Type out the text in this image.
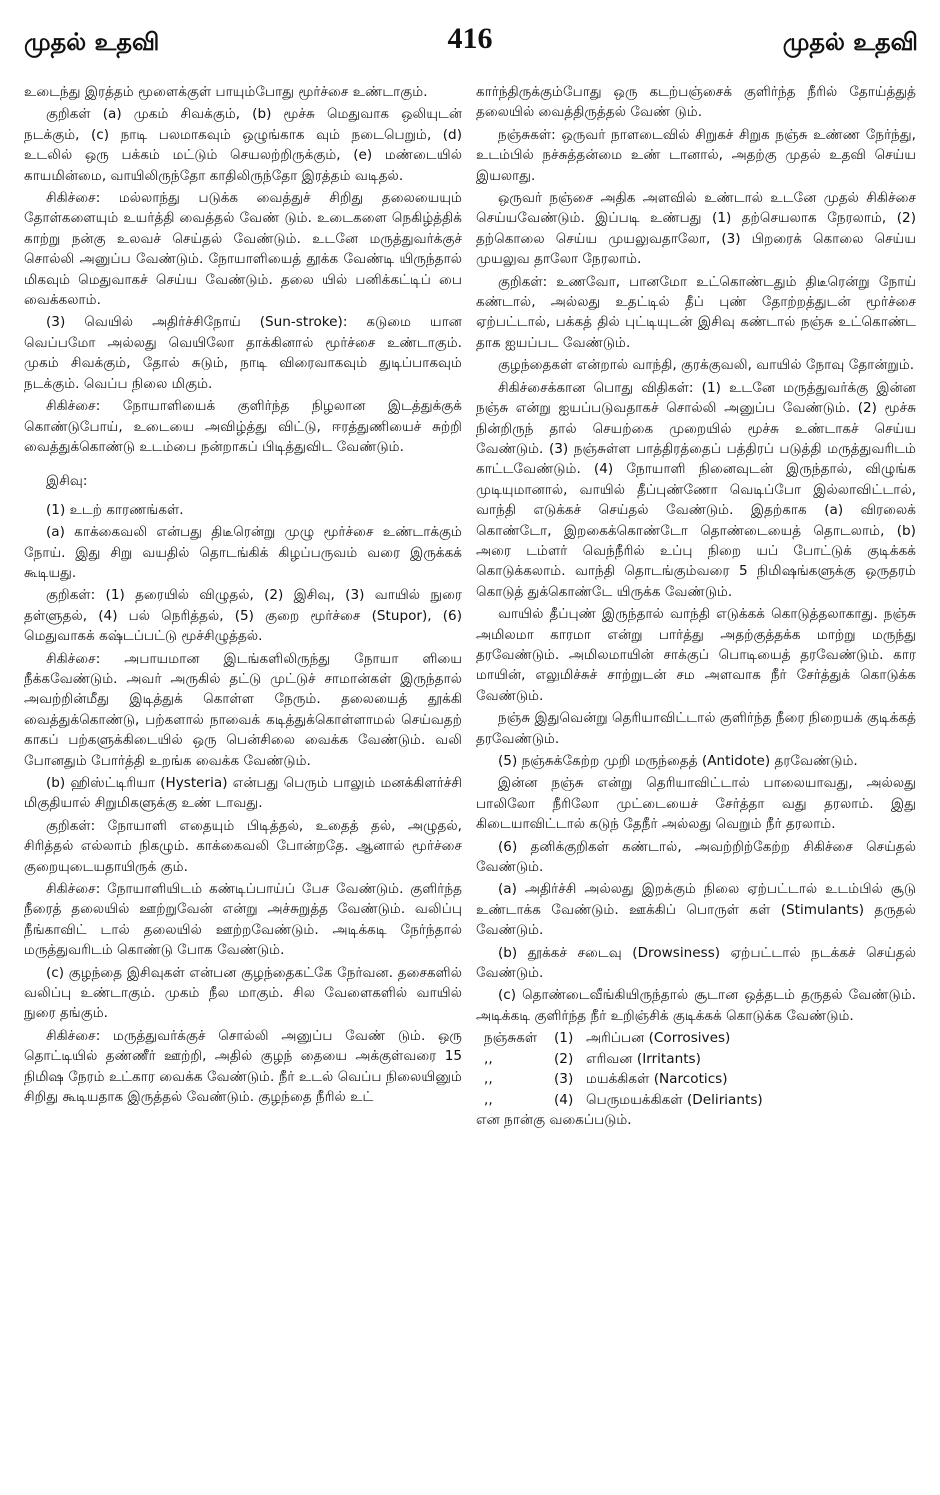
முதல் உதவி	416	முதல் உதவி

உடைந்து இரத்தம் மூளைக்குள் பாயும்போது மூர்ச்சை உண்டாகும்.

குறிகள் (a) முகம் சிவக்கும், (b) மூச்சு மெதுவாக ஒலியுடன் நடக்கும், (c) நாடி பலமாகவும் ஒழுங்காக வும் நடைபெறும், (d) உடலில் ஒரு பக்கம் மட்டும் செயலற்றிருக்கும், (e) மண்டையில் காயமின்மை, வாயிலிருந்தோ காதிலிருந்தோ இரத்தம் வடிதல்.

சிகிச்சை: மல்லாந்து படுக்க வைத்துச் சிறிது தலையையும் தோள்களையும் உயர்த்தி வைத்தல் வேண் டும். உடைகளை நெகிழ்த்திக் காற்று நன்கு உலவச் செய்தல் வேண்டும். உடனே மருத்துவர்க்குச் சொல்லி அனுப்ப வேண்டும். நோயாளியைத் தூக்க வேண்டி யிருந்தால் மிகவும் மெதுவாகச் செய்ய வேண்டும். தலை யில் பனிக்கட்டிப் பை வைக்கலாம்.

(3) வெயில் அதிர்ச்சிநோய் (Sun-stroke): கடுமை யான வெப்பமோ அல்லது வெயிலோ தாக்கினால் மூர்ச்சை உண்டாகும். முகம் சிவக்கும், தோல் சுடும், நாடி விரைவாகவும் துடிப்பாகவும் நடக்கும். வெப்ப நிலை மிகும்.

சிகிச்சை: நோயாளியைக் குளிர்ந்த நிழலான இடத்துக்குக் கொண்டுபோய், உடையை அவிழ்த்து விட்டு, ஈரத்துணியைச் சுற்றி வைத்துக்கொண்டு உடம்பை நன்றாகப் பிடித்துவிட வேண்டும்.

இசிவு:

(1) உடற் காரணங்கள்.

(a) காக்கைவலி என்பது திடீரென்று முழு மூர்ச்சை உண்டாக்கும் நோய். இது சிறு வயதில் தொடங்கிக் கிழப்பருவம் வரை இருக்கக் கூடியது.

குறிகள்: (1) தரையில் விழுதல், (2) இசிவு, (3) வாயில் நுரை தள்ளுதல், (4) பல் நெரித்தல், (5) குறை மூர்ச்சை (Stupor), (6) மெதுவாகக் கஷ்டப்பட்டு மூச்சிழுத்தல்.

சிகிச்சை: அபாயமான இடங்களிலிருந்து நோயா ளியை நீக்கவேண்டும். அவர் அருகில் தட்டு முட்டுச் சாமான்கள் இருந்தால் அவற்றின்மீது இடித்துக் கொள்ள நேரும். தலையைத் தூக்கி வைத்துக்கொண்டு, பற்களால் நாவைக் கடித்துக்கொள்ளாமல் செய்வதற் காகப் பற்களுக்கிடையில் ஒரு பென்சிலை வைக்க வேண்டும். வலி போனதும் போர்த்தி உறங்க வைக்க வேண்டும்.

(b) ஹிஸ்ட்டிரியா (Hysteria) என்பது பெரும் பாலும் மனக்கிளர்ச்சி மிகுதியால் சிறுமிகளுக்கு உண் டாவது.

குறிகள்: நோயாளி எதையும் பிடித்தல், உதைத் தல், அழுதல், சிரித்தல் எல்லாம் நிகழும். காக்கைவலி போன்றதே. ஆனால் மூர்ச்சை குறையுடையதாயிருக் கும்.

சிகிச்சை: நோயாளியிடம் கண்டிப்பாய்ப் பேச வேண்டும். குளிர்ந்த நீரைத் தலையில் ஊற்றுவேன் என்று அச்சுறுத்த வேண்டும். வலிப்பு நீங்காவிட் டால் தலையில் ஊற்றவேண்டும். அடிக்கடி நேர்ந்தால் மருத்துவரிடம் கொண்டு போக வேண்டும்.

(c) குழந்தை இசிவுகள் என்பன குழந்தைகட்கே நேர்வன. தசைகளில் வலிப்பு உண்டாகும். முகம் நீல மாகும். சில வேளைகளில் வாயில் நுரை தங்கும்.

சிகிச்சை: மருத்துவர்க்குச் சொல்லி அனுப்ப வேண் டும். ஒரு தொட்டியில் தண்ணீர் ஊற்றி, அதில் குழந் தையை அக்குள்வரை 15 நிமிஷ நேரம் உட்கார வைக்க வேண்டும். நீர் உடல் வெப்ப நிலையினும் சிறிது கூடியதாக இருத்தல் வேண்டும். குழந்தை நீரில் உட்

கார்ந்திருக்கும்போது ஒரு கடற்பஞ்சைக் குளிர்ந்த நீரில் தோய்த்துத் தலையில் வைத்திருத்தல் வேண் டும்.

நஞ்சுகள்: ஒருவர் நாளடைவில் சிறுகச் சிறுக நஞ்சு உண்ண நேர்ந்து, உடம்பில் நச்சுத்தன்மை உண் டானால், அதற்கு முதல் உதவி செய்ய இயலாது.

ஒருவர் நஞ்சை அதிக அளவில் உண்டால் உடனே முதல் சிகிச்சை செய்யவேண்டும். இப்படி உண்பது (1) தற்செயலாக நேரலாம், (2) தற்கொலை செய்ய முயலுவதாலோ, (3) பிறரைக் கொலை செய்ய முயலுவ தாலோ நேரலாம்.

குறிகள்: உணவோ, பானமோ உட்கொண்டதும் திடீரென்று நோய் கண்டால், அல்லது உதட்டில் தீப் புண் தோற்றத்துடன் மூர்ச்சை ஏற்பட்டால், பக்கத் தில் புட்டியுடன் இசிவு கண்டால் நஞ்சு உட்கொண்ட தாக ஐயப்பட வேண்டும்.

குழந்தைகள் என்றால் வாந்தி, குரக்குவலி, வாயில் நோவு தோன்றும்.

சிகிச்சைக்கான பொது விதிகள்: (1) உடனே மருத்துவர்க்கு இன்ன நஞ்சு என்று ஐயப்படுவதாகச் சொல்லி அனுப்ப வேண்டும். (2) மூச்சு நின்றிருந் தால் செயற்கை முறையில் மூச்சு உண்டாகச் செய்ய வேண்டும். (3) நஞ்சுள்ள பாத்திரத்தைப் பத்திரப் படுத்தி மருத்துவரிடம் காட்டவேண்டும். (4) நோயாளி நினைவுடன் இருந்தால், விழுங்க முடியுமானால், வாயில் தீப்புண்ணோ வெடிப்போ இல்லாவிட்டால், வாந்தி எடுக்கச் செய்தல் வேண்டும். இதற்காக (a) விரலைக் கொண்டோ, இறகைக்கொண்டோ தொண்டையைத் தொடலாம், (b) அரை டம்ளர் வெந்நீரில் உப்பு நிறை யப் போட்டுக் குடிக்கக் கொடுக்கலாம். வாந்தி தொடங்கும்வரை 5 நிமிஷங்களுக்கு ஒருதரம் கொடுத் துக்கொண்டே யிருக்க வேண்டும்.

வாயில் தீப்புண் இருந்தால் வாந்தி எடுக்கக் கொடுத்தலாகாது. நஞ்சு அமிலமா காரமா என்று பார்த்து அதற்குத்தக்க மாற்று மருந்து தரவேண்டும். அமிலமாயின் சாக்குப் பொடியைத் தரவேண்டும். கார மாயின், எலுமிச்சுச் சாற்றுடன் சம அளவாக நீர் சேர்த்துக் கொடுக்க வேண்டும்.

நஞ்சு இதுவென்று தெரியாவிட்டால் குளிர்ந்த நீரை நிறையக் குடிக்கத் தரவேண்டும்.

(5) நஞ்சுக்கேற்ற முறி மருந்தைத் (Antidote) தரவேண்டும்.

இன்ன நஞ்சு என்று தெரியாவிட்டால் பாலையாவது, அல்லது பாலிலோ நீரிலோ முட்டையைச் சேர்த்தா வது தரலாம். இது கிடையாவிட்டால் கடுந் தேநீர் அல்லது வெறும் நீர் தரலாம்.

(6) தனிக்குறிகள் கண்டால், அவற்றிற்கேற்ற சிகிச்சை செய்தல் வேண்டும்.

(a) அதிர்ச்சி அல்லது இறக்கும் நிலை ஏற்பட்டால் உடம்பில் சூடு உண்டாக்க வேண்டும். ஊக்கிப் பொருள் கள் (Stimulants) தருதல் வேண்டும்.

(b) தூக்கச் சடைவு (Drowsiness) ஏற்பட்டால் நடக்கச் செய்தல் வேண்டும்.

(c) தொண்டைவீங்கியிருந்தால் சூடான ஒத்தடம் தருதல் வேண்டும். அடிக்கடி குளிர்ந்த நீர் உறிஞ்சிக் குடிக்கக் கொடுக்க வேண்டும்.

நஞ்சுகள்	(1) அரிப்பன (Corrosives)
,,	(2) எரிவன (Irritants)
,,	(3) மயக்கிகள் (Narcotics)
,,	(4) பெருமயக்கிகள் (Deliriants)

என நான்கு வகைப்படும்.
